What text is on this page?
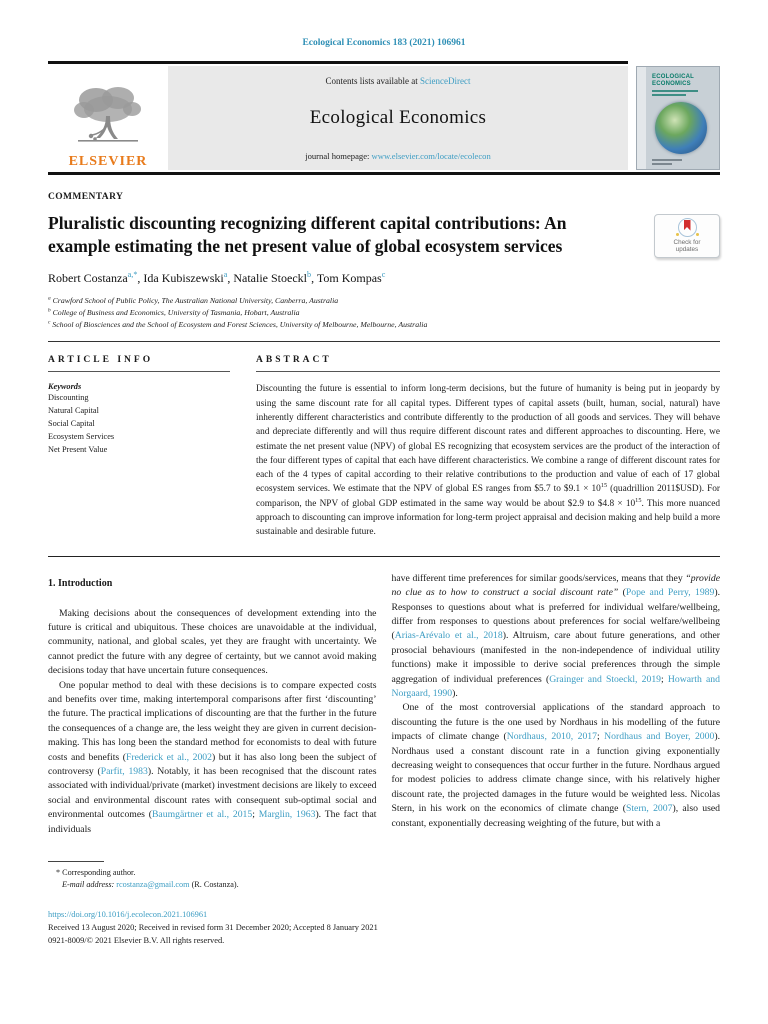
Ecological Economics 183 (2021) 106961
ELSEVIER
Contents lists available at ScienceDirect
Ecological Economics
journal homepage: www.elsevier.com/locate/ecolecon
ECOLOGICAL ECONOMICS
COMMENTARY
Pluralistic discounting recognizing different capital contributions: An example estimating the net present value of global ecosystem services	Check for updates
Robert Costanza$^{a,*}$, Ida Kubiszewski$^a$, Natalie Stoeckl$^b$, Tom Kompas$^c$

$^a$ Crawford School of Public Policy, The Australian National University, Canberra, Australia

$^b$ College of Business and Economics, University of Tasmania, Hobart, Australia

$^c$ School of Biosciences and the School of Ecosystem and Forest Sciences, University of Melbourne, Melbourne, Australia

ARTICLE INFO
Keywords
Discounting
Natural Capital
Social Capital
Ecosystem Services
Net Present Value
ABSTRACT
Discounting the future is essential to inform long-term decisions, but the future of humanity is being put in jeopardy by using the same discount rate for all capital types. Different types of capital assets (built, human, social, natural) have inherently different characteristics and contribute differently to the production of all goods and services. They will behave and depreciate differently and will thus require different discount rates and different approaches to discounting. Here, we estimate the net present value (NPV) of global ES recognizing that ecosystem services are the product of the interaction of the four different types of capital that each have different characteristics. We combine a range of different discount rates for each of the 4 types of capital according to their relative contributions to the production and value of each of 17 global ecosystem services. We estimate that the NPV of global ES ranges from $5.7 to $9.1 × $10^{15}$ (quadrillion 2011$USD). For comparison, the NPV of global GDP estimated in the same way would be about $2.9 to $4.8 × $10^{15}$. This more nuanced approach to discounting can improve information for long-term project appraisal and decision making and help build a more sustainable and desirable future.
1. Introduction

Making decisions about the consequences of development extending into the future is critical and ubiquitous. These choices are unavoidable at the individual, community, national, and global scales, yet they are fraught with uncertainty. We cannot predict the future with any degree of certainty, but we cannot avoid making decisions today that have uncertain future consequences.

One popular method to deal with these decisions is to compare expected costs and benefits over time, making intertemporal comparisons after first ‘discounting’ the future. The practical implications of discounting are that the further in the future the consequences of a change are, the less weight they are given in current decision-making. This has long been the standard method for economists to deal with future costs and benefits (Frederick et al., 2002) but it has also long been the subject of controversy (Parfit, 1983). Notably, it has been recognised that the discount rates associated with individual/private (market) investment decisions are likely to exceed social and environmental discount rates with consequent sub-optimal social and environmental outcomes (Baumgärtner et al., 2015; Marglin, 1963). The fact that individuals

have different time preferences for similar goods/services, means that they “provide no clue as to how to construct a social discount rate” (Pope and Perry, 1989). Responses to questions about what is preferred for individual welfare/wellbeing, differ from responses to questions about preferences for social welfare/wellbeing (Arias-Arévalo et al., 2018). Altruism, care about future generations, and other prosocial behaviours (manifested in the non-independence of individual utility functions) make it impossible to derive social preferences through the simple aggregation of individual preferences (Grainger and Stoeckl, 2019; Howarth and Norgaard, 1990).

One of the most controversial applications of the standard approach to discounting the future is the one used by Nordhaus in his modelling of the future impacts of climate change (Nordhaus, 2010, 2017; Nordhaus and Boyer, 2000). Nordhaus used a constant discount rate in a function giving exponentially decreasing weight to consequences that occur further in the future. Nordhaus argued for modest policies to address climate change since, with his relatively higher discount rate, the projected damages in the future would be weighted less. Nicolas Stern, in his work on the economics of climate change (Stern, 2007), also used constant, exponentially decreasing weighting of the future, but with a

* Corresponding author.
E-mail address: rcostanza@gmail.com (R. Costanza).
https://doi.org/10.1016/j.ecolecon.2021.106961
Received 13 August 2020; Received in revised form 31 December 2020; Accepted 8 January 2021
0921-8009/© 2021 Elsevier B.V. All rights reserved.
